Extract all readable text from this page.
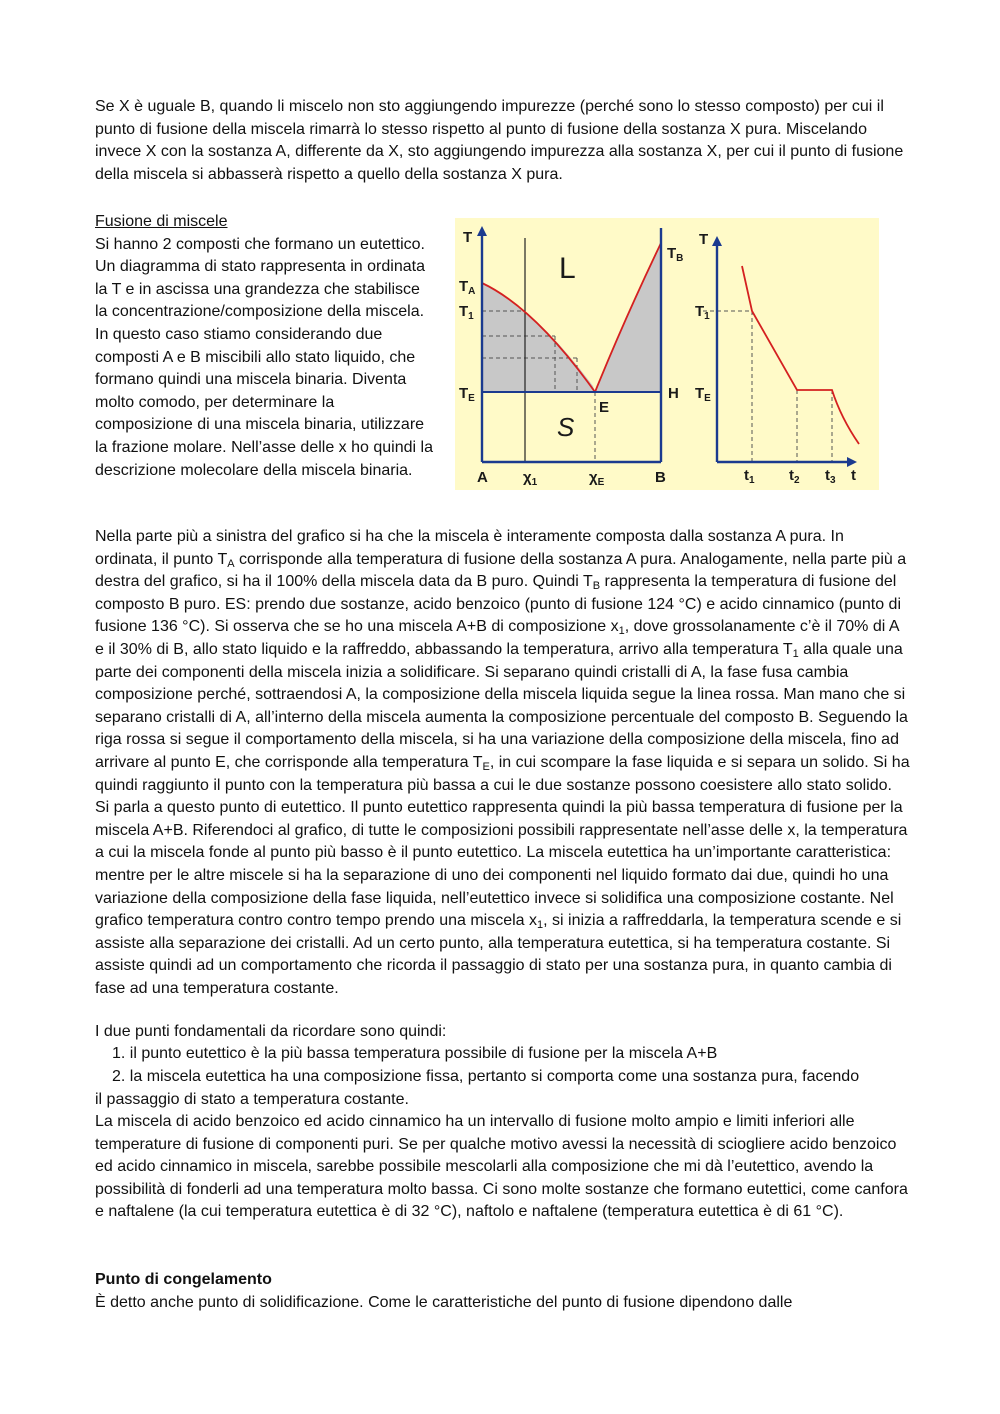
Se X è uguale B, quando li miscelo non sto aggiungendo impurezze (perché sono lo stesso composto) per cui il punto di fusione della miscela rimarrà lo stesso rispetto al punto di fusione della sostanza X pura. Miscelando invece X con la sostanza A, differente da X, sto aggiungendo impurezza alla sostanza X, per cui il punto di fusione della miscela si abbasserà rispetto a quello della sostanza X pura.

Fusione di miscele
Si hanno 2 composti che formano un eutettico. Un diagramma di stato rappresenta in ordinata la T e in ascissa una grandezza che stabilisce la concentrazione/composizione della miscela. In questo caso stiamo considerando due composti A e B miscibili allo stato liquido, che formano quindi una miscela binaria. Diventa molto comodo, per determinare la composizione di una miscela binaria, utilizzare la frazione molare. Nell’asse delle x ho quindi la descrizione molecolare della miscela binaria.
T
$T_A$
$T_1$
$T_E$
$T_B$
L
S
E
H
A $\chi_1$	$\chi_E$	B
T
$T_1$
$T_E$
$t_1$ $t_2$ $t_3$ t

Nella parte più a sinistra del grafico si ha che la miscela è interamente composta dalla sostanza A pura. In ordinata, il punto $T_A$ corrisponde alla temperatura di fusione della sostanza A pura. Analogamente, nella parte più a destra del grafico, si ha il 100% della miscela data da B puro. Quindi $T_B$ rappresenta la temperatura di fusione del composto B puro. ES: prendo due sostanze, acido benzoico (punto di fusione 124 °C) e acido cinnamico (punto di fusione 136 °C). Si osserva che se ho una miscela A+B di composizione $x_1$, dove grossolanamente c’è il 70% di A e il 30% di B, allo stato liquido e la raffreddo, abbassando la temperatura, arrivo alla temperatura $T_1$ alla quale una parte dei componenti della miscela inizia a solidificare. Si separano quindi cristalli di A, la fase fusa cambia composizione perché, sottraendosi A, la composizione della miscela liquida segue la linea rossa. Man mano che si separano cristalli di A, all’interno della miscela aumenta la composizione percentuale del composto B. Seguendo la riga rossa si segue il comportamento della miscela, si ha una variazione della composizione della miscela, fino ad arrivare al punto E, che corrisponde alla temperatura $T_E$, in cui scompare la fase liquida e si separa un solido. Si ha quindi raggiunto il punto con la temperatura più bassa a cui le due sostanze possono coesistere allo stato solido. Si parla a questo punto di eutettico. Il punto eutettico rappresenta quindi la più bassa temperatura di fusione per la miscela A+B. Riferendoci al grafico, di tutte le composizioni possibili rappresentate nell’asse delle x, la temperatura a cui la miscela fonde al punto più basso è il punto eutettico. La miscela eutettica ha un’importante caratteristica: mentre per le altre miscele si ha la separazione di uno dei componenti nel liquido formato dai due, quindi ho una variazione della composizione della fase liquida, nell’eutettico invece si solidifica una composizione costante. Nel grafico temperatura contro contro tempo prendo una miscela $x_1$, si inizia a raffreddarla, la temperatura scende e si assiste alla separazione dei cristalli. Ad un certo punto, alla temperatura eutettica, si ha temperatura costante. Si assiste quindi ad un comportamento che ricorda il passaggio di stato per una sostanza pura, in quanto cambia di fase ad una temperatura costante.

I due punti fondamentali da ricordare sono quindi:

1. il punto eutettico è la più bassa temperatura possibile di fusione per la miscela A+B
2. la miscela eutettica ha una composizione fissa, pertanto si comporta come una sostanza pura, facendo

il passaggio di stato a temperatura costante.

La miscela di acido benzoico ed acido cinnamico ha un intervallo di fusione molto ampio e limiti inferiori alle temperature di fusione di componenti puri. Se per qualche motivo avessi la necessità di sciogliere acido benzoico ed acido cinnamico in miscela, sarebbe possibile mescolarli alla composizione che mi dà l’eutettico, avendo la possibilità di fonderli ad una temperatura molto bassa. Ci sono molte sostanze che formano eutettici, come canfora e naftalene (la cui temperatura eutettica è di 32 °C), naftolo e naftalene (temperatura eutettica è di 61 °C).

Punto di congelamento

È detto anche punto di solidificazione. Come le caratteristiche del punto di fusione dipendono dalle
